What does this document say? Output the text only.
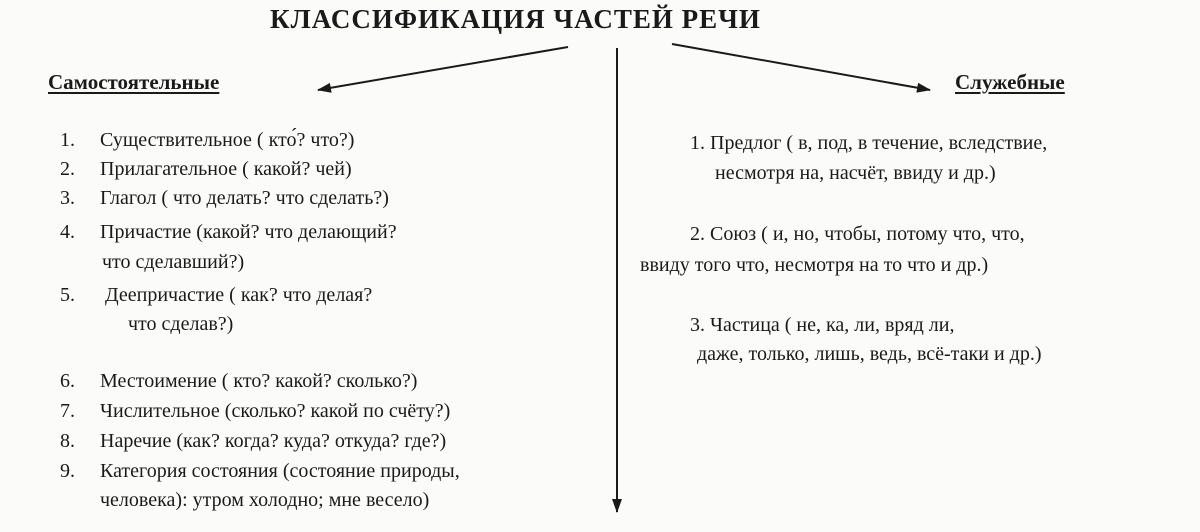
КЛАССИФИКАЦИЯ ЧАСТЕЙ РЕЧИ
Самостоятельные	Служебные
1. Существительное ( кто́? что?)
2. Прилагательное ( какой? чей)
3. Глагол ( что делать? что сделать?)
4. Причастие (какой? что делающий?
что сделавший?)
5. Деепричастие ( как? что делая?
что сделав?)
6. Местоимение ( кто? какой? сколько?)
7. Числительное (сколько? какой по счёту?)
8. Наречие (как? когда? куда? откуда? где?)
9. Категория состояния (состояние природы,
человека): утром холодно; мне весело)
1. Предлог ( в, под, в течение, вследствие,
несмотря на, насчёт, ввиду и др.)
2. Союз ( и, но, чтобы, потому что, что,
ввиду того что, несмотря на то что и др.)
3. Частица ( не, ка, ли, вряд ли,
даже, только, лишь, ведь, всё-таки и др.)
